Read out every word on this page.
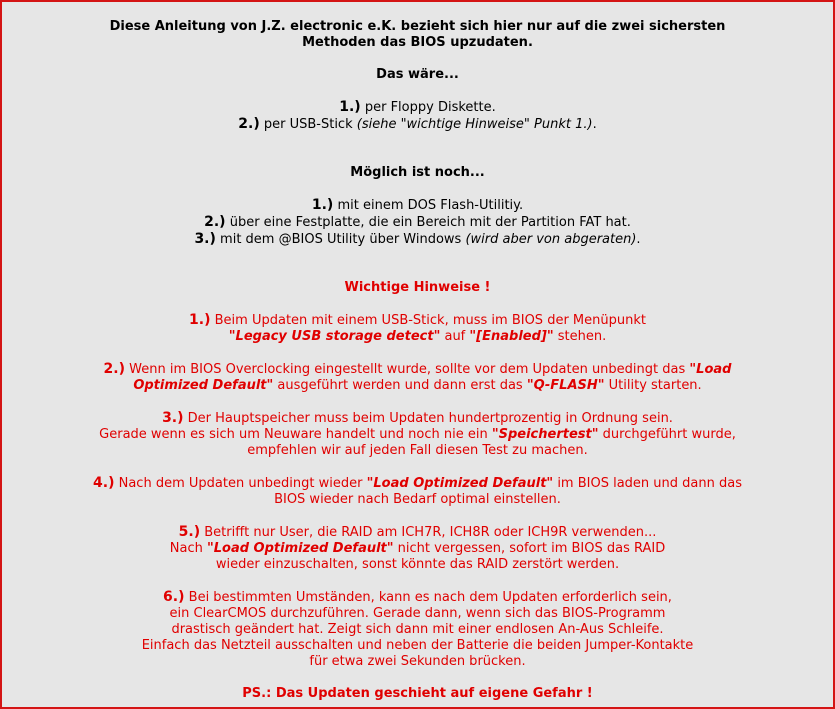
Diese Anleitung von J.Z. electronic e.K. bezieht sich hier nur auf die zwei sichersten
Methoden das BIOS upzudaten.
Das wäre...
1.) per Floppy Diskette.
2.) per USB-Stick (siehe "wichtige Hinweise" Punkt 1.).
Möglich ist noch...
1.) mit einem DOS Flash-Utilitiy.
2.) über eine Festplatte, die ein Bereich mit der Partition FAT hat.
3.) mit dem @BIOS Utility über Windows (wird aber von abgeraten).
Wichtige Hinweise !
1.) Beim Updaten mit einem USB-Stick, muss im BIOS der Menüpunkt
"Legacy USB storage detect" auf "[Enabled]" stehen.
2.) Wenn im BIOS Overclocking eingestellt wurde, sollte vor dem Updaten unbedingt das "Load
Optimized Default" ausgeführt werden und dann erst das "Q-FLASH" Utility starten.
3.) Der Hauptspeicher muss beim Updaten hundertprozentig in Ordnung sein.
Gerade wenn es sich um Neuware handelt und noch nie ein "Speichertest" durchgeführt wurde,
empfehlen wir auf jeden Fall diesen Test zu machen.
4.) Nach dem Updaten unbedingt wieder "Load Optimized Default" im BIOS laden und dann das
BIOS wieder nach Bedarf optimal einstellen.
5.) Betrifft nur User, die RAID am ICH7R, ICH8R oder ICH9R verwenden...
Nach "Load Optimized Default" nicht vergessen, sofort im BIOS das RAID
wieder einzuschalten, sonst könnte das RAID zerstört werden.
6.) Bei bestimmten Umständen, kann es nach dem Updaten erforderlich sein,
ein ClearCMOS durchzuführen. Gerade dann, wenn sich das BIOS-Programm
drastisch geändert hat. Zeigt sich dann mit einer endlosen An-Aus Schleife.
Einfach das Netzteil ausschalten und neben der Batterie die beiden Jumper-Kontakte
für etwa zwei Sekunden brücken.
PS.: Das Updaten geschieht auf eigene Gefahr !
